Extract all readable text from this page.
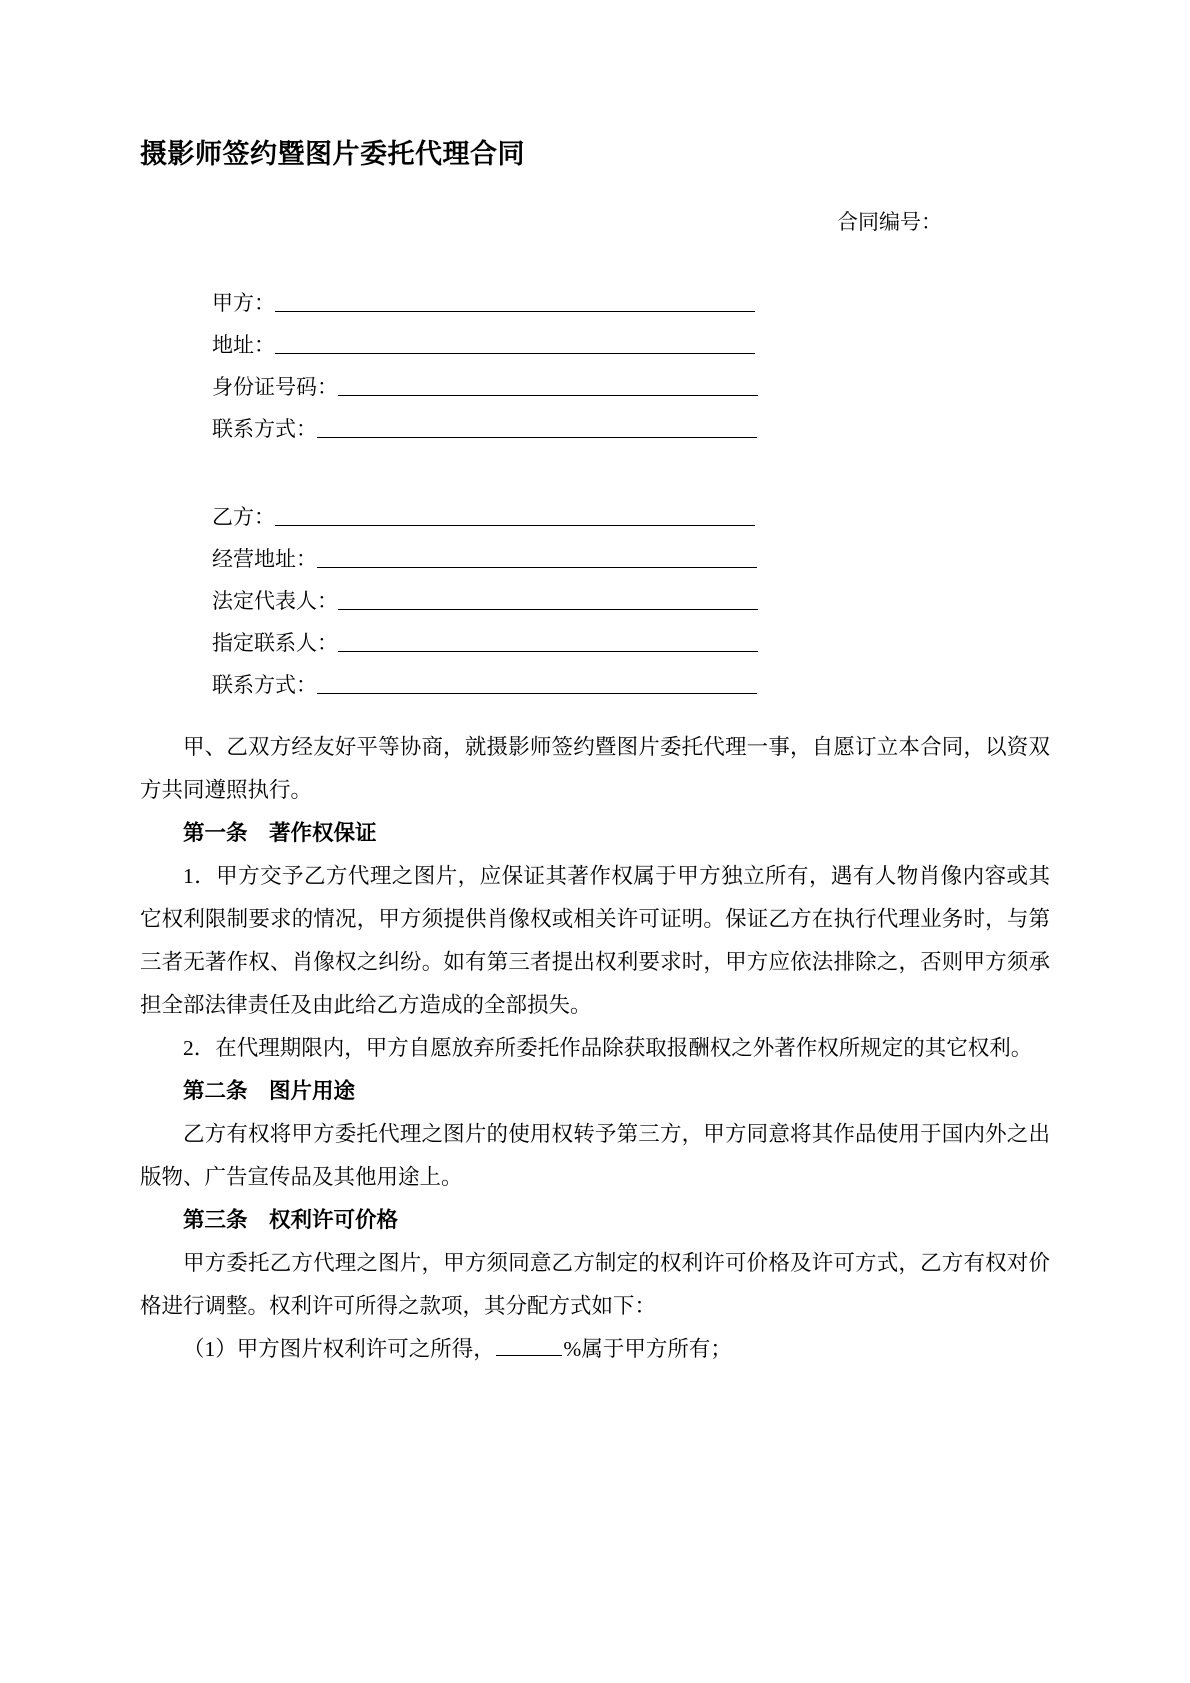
摄影师签约暨图片委托代理合同
合同编号：
甲方：
地址：
身份证号码：
联系方式：
乙方：
经营地址：
法定代表人：
指定联系人：
联系方式：

甲、乙双方经友好平等协商，就摄影师签约暨图片委托代理一事，自愿订立本合同，以资双方共同遵照执行。

第一条 著作权保证

1．甲方交予乙方代理之图片，应保证其著作权属于甲方独立所有，遇有人物肖像内容或其它权利限制要求的情况，甲方须提供肖像权或相关许可证明。保证乙方在执行代理业务时，与第三者无著作权、肖像权之纠纷。如有第三者提出权利要求时，甲方应依法排除之，否则甲方须承担全部法律责任及由此给乙方造成的全部损失。

2．在代理期限内，甲方自愿放弃所委托作品除获取报酬权之外著作权所规定的其它权利。

第二条 图片用途

乙方有权将甲方委托代理之图片的使用权转予第三方，甲方同意将其作品使用于国内外之出版物、广告宣传品及其他用途上。

第三条 权利许可价格

甲方委托乙方代理之图片，甲方须同意乙方制定的权利许可价格及许可方式，乙方有权对价格进行调整。权利许可所得之款项，其分配方式如下：

（1）甲方图片权利许可之所得，	%属于甲方所有；
